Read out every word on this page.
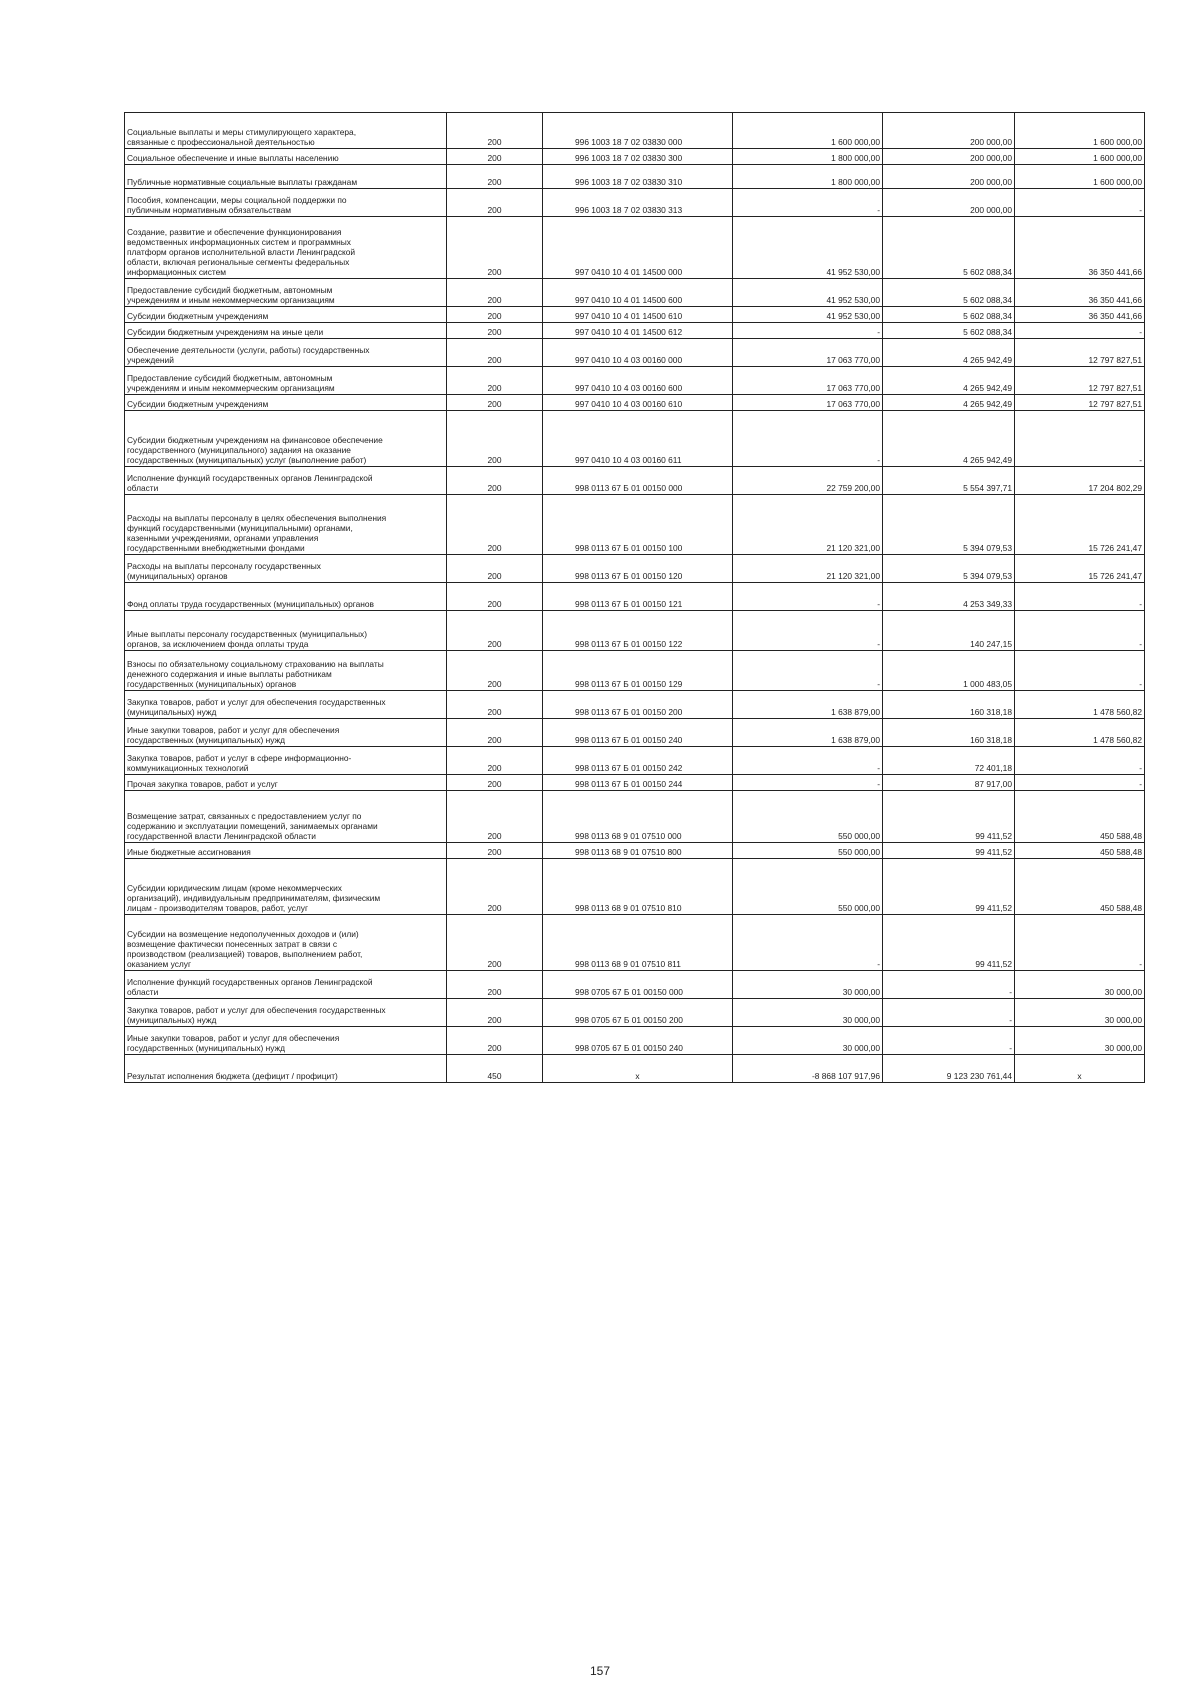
Социальные выплаты и меры стимулирующего характера,
связанные с профессиональной деятельностью	200	996 1003 18 7 02 03830 000	1 600 000,00	200 000,00	1 600 000,00
Социальное обеспечение и иные выплаты населению	200	996 1003 18 7 02 03830 300	1 800 000,00	200 000,00	1 600 000,00
Публичные нормативные социальные выплаты гражданам	200	996 1003 18 7 02 03830 310	1 800 000,00	200 000,00	1 600 000,00
Пособия, компенсации, меры социальной поддержки по
публичным нормативным обязательствам	200	996 1003 18 7 02 03830 313	-	200 000,00	-
Создание, развитие и обеспечение функционирования
ведомственных информационных систем и программных
платформ органов исполнительной власти Ленинградской
области, включая региональные сегменты федеральных
информационных систем	200	997 0410 10 4 01 14500 000	41 952 530,00	5 602 088,34	36 350 441,66
Предоставление субсидий бюджетным, автономным
учреждениям и иным некоммерческим организациям	200	997 0410 10 4 01 14500 600	41 952 530,00	5 602 088,34	36 350 441,66
Субсидии бюджетным учреждениям	200	997 0410 10 4 01 14500 610	41 952 530,00	5 602 088,34	36 350 441,66
Субсидии бюджетным учреждениям на иные цели	200	997 0410 10 4 01 14500 612	-	5 602 088,34	-
Обеспечение деятельности (услуги, работы) государственных
учреждений	200	997 0410 10 4 03 00160 000	17 063 770,00	4 265 942,49	12 797 827,51
Предоставление субсидий бюджетным, автономным
учреждениям и иным некоммерческим организациям	200	997 0410 10 4 03 00160 600	17 063 770,00	4 265 942,49	12 797 827,51
Субсидии бюджетным учреждениям	200	997 0410 10 4 03 00160 610	17 063 770,00	4 265 942,49	12 797 827,51
Субсидии бюджетным учреждениям на финансовое обеспечение
государственного (муниципального) задания на оказание
государственных (муниципальных) услуг (выполнение работ)	200	997 0410 10 4 03 00160 611	-	4 265 942,49	-
Исполнение функций государственных органов Ленинградской
области	200	998 0113 67 Б 01 00150 000	22 759 200,00	5 554 397,71	17 204 802,29
Расходы на выплаты персоналу в целях обеспечения выполнения
функций государственными (муниципальными) органами,
казенными учреждениями, органами управления
государственными внебюджетными фондами	200	998 0113 67 Б 01 00150 100	21 120 321,00	5 394 079,53	15 726 241,47
Расходы на выплаты персоналу государственных
(муниципальных) органов	200	998 0113 67 Б 01 00150 120	21 120 321,00	5 394 079,53	15 726 241,47
Фонд оплаты труда государственных (муниципальных) органов	200	998 0113 67 Б 01 00150 121	-	4 253 349,33	-
Иные выплаты персоналу государственных (муниципальных)
органов, за исключением фонда оплаты труда	200	998 0113 67 Б 01 00150 122	-	140 247,15	-
Взносы по обязательному социальному страхованию на выплаты
денежного содержания и иные выплаты работникам
государственных (муниципальных) органов	200	998 0113 67 Б 01 00150 129	-	1 000 483,05	-
Закупка товаров, работ и услуг для обеспечения государственных
(муниципальных) нужд	200	998 0113 67 Б 01 00150 200	1 638 879,00	160 318,18	1 478 560,82
Иные закупки товаров, работ и услуг для обеспечения
государственных (муниципальных) нужд	200	998 0113 67 Б 01 00150 240	1 638 879,00	160 318,18	1 478 560,82
Закупка товаров, работ и услуг в сфере информационно-
коммуникационных технологий	200	998 0113 67 Б 01 00150 242	-	72 401,18	-
Прочая закупка товаров, работ и услуг	200	998 0113 67 Б 01 00150 244	-	87 917,00	-
Возмещение затрат, связанных с предоставлением услуг по
содержанию и эксплуатации помещений, занимаемых органами
государственной власти Ленинградской области	200	998 0113 68 9 01 07510 000	550 000,00	99 411,52	450 588,48
Иные бюджетные ассигнования	200	998 0113 68 9 01 07510 800	550 000,00	99 411,52	450 588,48
Субсидии юридическим лицам (кроме некоммерческих
организаций), индивидуальным предпринимателям, физическим
лицам - производителям товаров, работ, услуг	200	998 0113 68 9 01 07510 810	550 000,00	99 411,52	450 588,48
Субсидии на возмещение недополученных доходов и (или)
возмещение фактически понесенных затрат в связи с
производством (реализацией) товаров, выполнением работ,
оказанием услуг	200	998 0113 68 9 01 07510 811	-	99 411,52	-
Исполнение функций государственных органов Ленинградской
области	200	998 0705 67 Б 01 00150 000	30 000,00	-	30 000,00
Закупка товаров, работ и услуг для обеспечения государственных
(муниципальных) нужд	200	998 0705 67 Б 01 00150 200	30 000,00	-	30 000,00
Иные закупки товаров, работ и услуг для обеспечения
государственных (муниципальных) нужд	200	998 0705 67 Б 01 00150 240	30 000,00	-	30 000,00
Результат исполнения бюджета (дефицит / профицит)	450	x	-8 868 107 917,96	9 123 230 761,44	x
157
